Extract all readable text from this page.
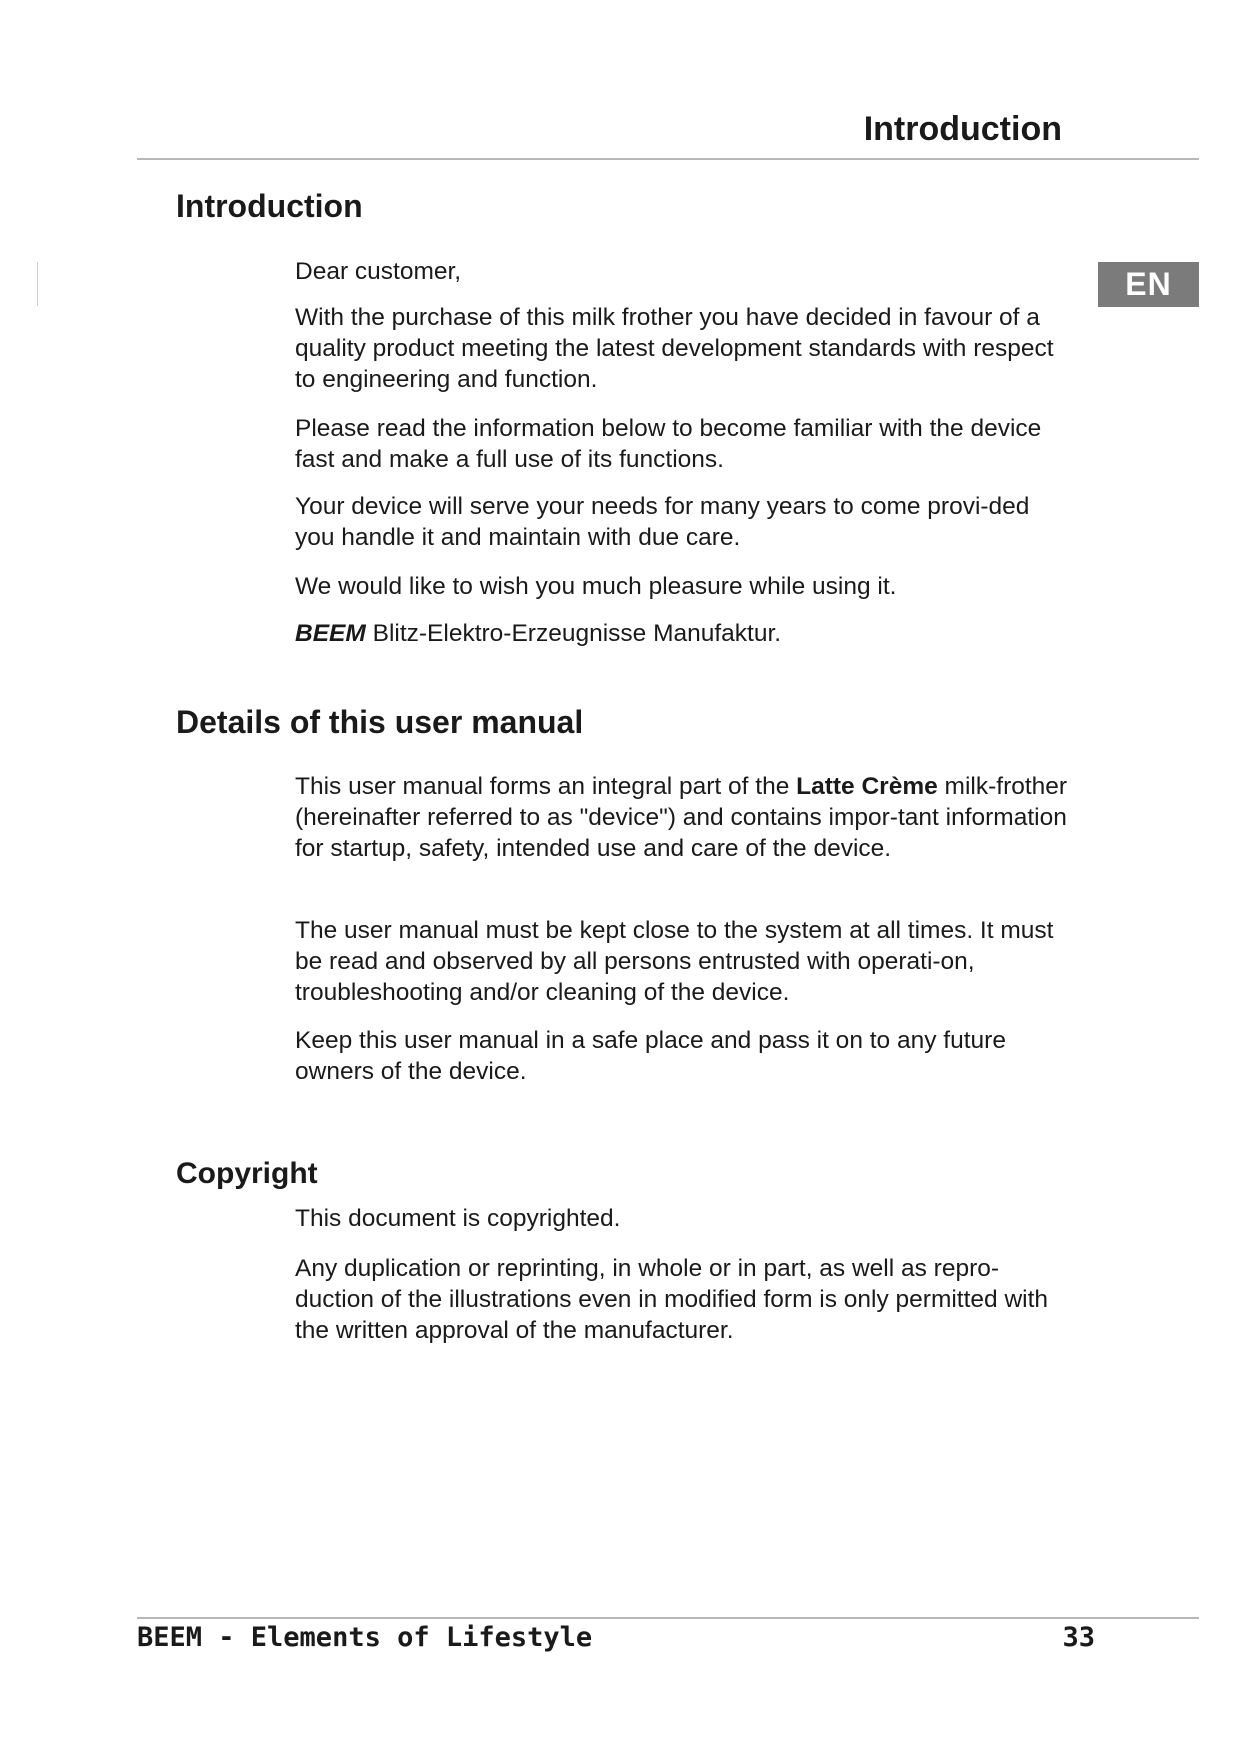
Introduction
EN
Introduction

Dear customer,

With the purchase of this milk frother you have decided in favour of a quality product meeting the latest development standards with respect to engineering and function.

Please read the information below to become familiar with the device fast and make a full use of its functions.

Your device will serve your needs for many years to come provi-ded you handle it and maintain with due care.

We would like to wish you much pleasure while using it.

BEEM Blitz-Elektro-Erzeugnisse Manufaktur.

Details of this user manual

This user manual forms an integral part of the Latte Crème milk-frother (hereinafter referred to as "device") and contains impor-tant information for startup, safety, intended use and care of the device.

The user manual must be kept close to the system at all times. It must be read and observed by all persons entrusted with operati-on, troubleshooting and/or cleaning of the device.

Keep this user manual in a safe place and pass it on to any future owners of the device.

Copyright

This document is copyrighted.

Any duplication or reprinting, in whole or in part, as well as repro-duction of the illustrations even in modified form is only permitted with the written approval of the manufacturer.

BEEM - Elements of Lifestyle	33
